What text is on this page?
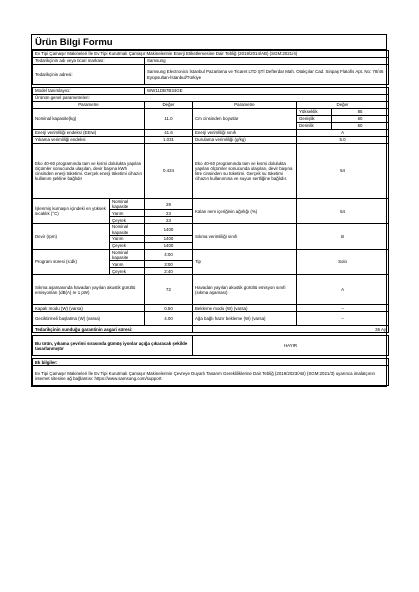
Ürün Bilgi Formu
Ev Tipi Çamaşır Makineleri İle Ev Tipi Kurutmalı Çamaşır Makinelerinin Enerji Etiketlemesine Dair Tebliğ (2019/2014/AB) (SGM:2021/4)					
Tedarikçinin adı veya ticari markası:		Samsung			
Tedarikçinin adresi:		Samsung Electronics İstanbul Pazarlama ve Ticaret LTD ŞTİ Defterdar Mah. Otakçılar Cad. Sinpaş Flatofis Apt. No: 78/46 Eyüpsultan-İstanbul/Türkiye			

Model tanımlayıcı:		WW11DB7B34GE			
Ürünün genel parametreleri:					
Parametre		Değer	Parametre	Değer	
Nominal kapasite(kg)		11.0	Cm cinsinden boyutlar	Yükseklik	85
				Genişlik	60
				Derinlik	60
Enerji verimliliği endeksi (EEIw)		41.6	Enerji verimliliği sınıfı	A	
Yıkama verimliliği endeksi		1.031	Durulama verimliliği (g/kg)	5.0	
Eko 40-60 programında tam ve kısmi dolulukta yapılan ölçümler sonucunda ulaşılan, devir başına kWh cinsinden enerji tüketimi. Gerçek enerji tüketimi cihazın kullanım şekline bağlıdır		0.424	Eko 40-60 programında tam ve kısmi dolulukta yapılan ölçümler sonucunda ulaşılan, devir başına litre cinsinden su tüketimi. Gerçek su tüketimi cihazın kullanımına ve suyun sertliğine bağlıdır.	54	
İşlenmiş kumaşın içindeki en yüksek sıcaklık (°C)	Nominal kapasite	29	Kalan nem içeriğinin ağırlığı (%)	54	
	Yarım	23			
	Çeyrek	23			
Devir (rpm)	Nominal kapasite	1400	Sıkma verimliliği sınıfı	B	
	Yarım	1400			
	Çeyrek	1400			
Program süresi (s:dk)	Nominal kapasite	4:00	Tip	Solo	
	Yarım	3:00			
	Çeyrek	2:40			
Sıkma aşamasında havadan yayılan akustik gürültü emisyonları (dB(A) re 1 pW)		72	Havadan yayılan akustik gürültü emisyon sınıfı (sıkma aşaması)	A	
Kapalı modu (W) (varsa)		0.50	Bekleme modu (W) (varsa)	--	
Geciktirmeli başlatma (W) (varsa)		4.00	Ağa bağlı hazır bekleme (W) (varsa)	--	
Tedarikçinin sunduğu garantinin asgari süresi:			36 Ay		

Bu ürün, yıkama çevrimi sırasında gümüş iyonlar açığa çıkaracak şekilde tasarlanmıştır			HAYIR		

Ek bilgiler:					
Ev Tipi Çamaşır Makineleri İle Ev Tipi Kurutmalı Çamaşır Makinelerinin Çevreye Duyarlı Tasarım Gerekliliklerine Dair Tebliğ (2019/2023/AB) (SGM:2021/3) uyarınca imalatçının internet sitesine ağ bağlantısı: https://www.samsung.com/support					
